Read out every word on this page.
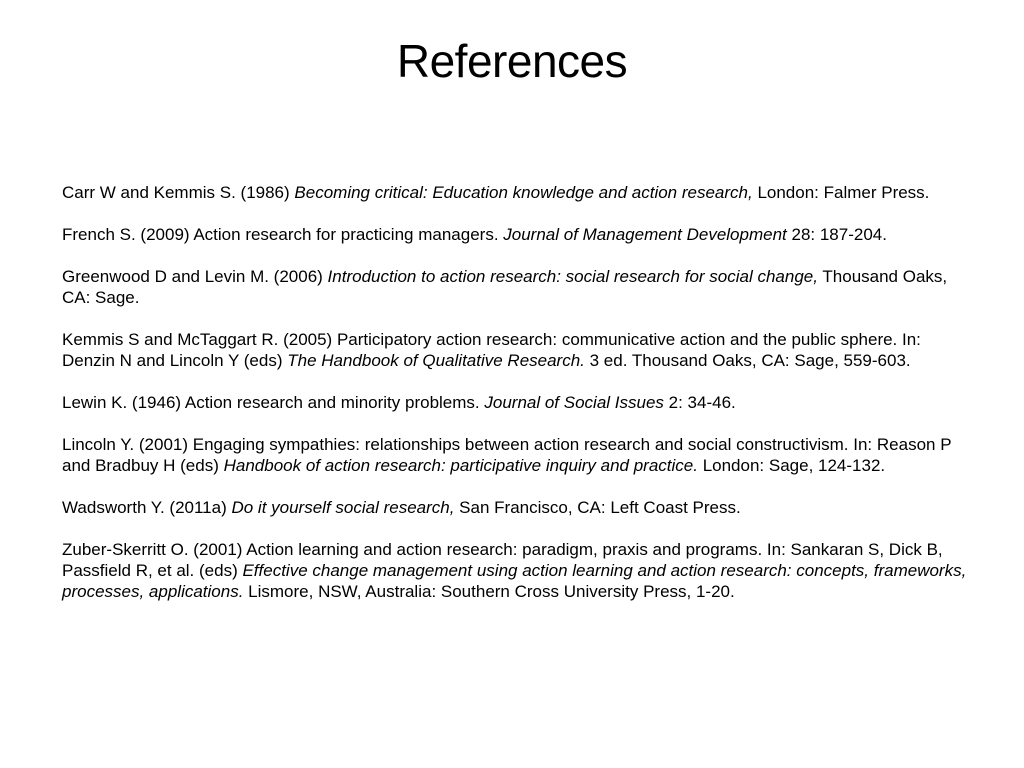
References

Carr W and Kemmis S. (1986) Becoming critical: Education knowledge and action research, London: Falmer Press.

French S. (2009) Action research for practicing managers. Journal of Management Development 28: 187-204.

Greenwood D and Levin M. (2006) Introduction to action research: social research for social change, Thousand Oaks, CA: Sage.

Kemmis S and McTaggart R. (2005) Participatory action research: communicative action and the public sphere. In: Denzin N and Lincoln Y (eds) The Handbook of Qualitative Research. 3 ed. Thousand Oaks, CA: Sage, 559-603.

Lewin K. (1946) Action research and minority problems. Journal of Social Issues 2: 34-46.

Lincoln Y. (2001) Engaging sympathies: relationships between action research and social constructivism. In: Reason P and Bradbuy H (eds) Handbook of action research: participative inquiry and practice. London: Sage, 124-132.

Wadsworth Y. (2011a) Do it yourself social research, San Francisco, CA: Left Coast Press.

Zuber-Skerritt O. (2001) Action learning and action research: paradigm, praxis and programs. In: Sankaran S, Dick B, Passfield R, et al. (eds) Effective change management using action learning and action research: concepts, frameworks, processes, applications. Lismore, NSW, Australia: Southern Cross University Press, 1-20.
